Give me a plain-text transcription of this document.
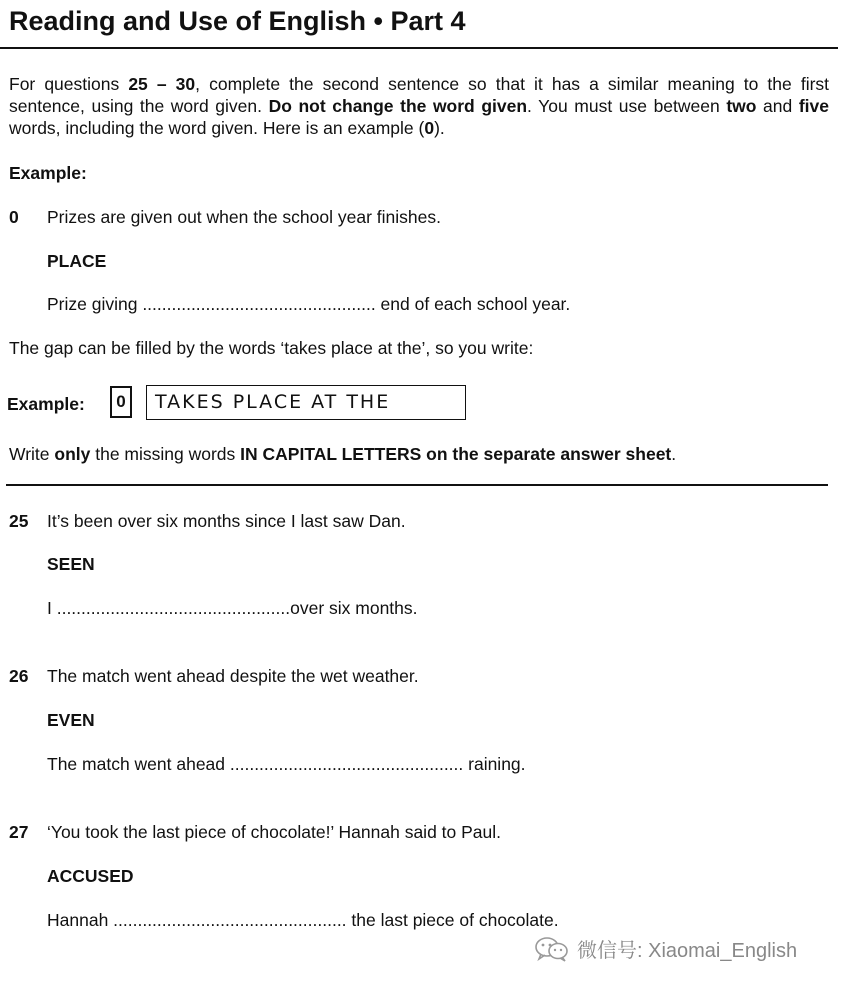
Reading and Use of English • Part 4
For questions 25 – 30, complete the second sentence so that it has a similar meaning to the first sentence, using the word given. Do not change the word given. You must use between two and five words, including the word given. Here is an example (0).
Example:
0 Prizes are given out when the school year finishes.
PLACE
Prize giving ................................................ end of each school year.
The gap can be filled by the words ‘takes place at the’, so you write:
Example:	0	TAKES PLACE AT THE
Write only the missing words IN CAPITAL LETTERS on the separate answer sheet.
25 It’s been over six months since I last saw Dan.
SEEN
I ................................................over six months.
26 The match went ahead despite the wet weather.
EVEN
The match went ahead ................................................ raining.
27 ‘You took the last piece of chocolate!’ Hannah said to Paul.
ACCUSED
Hannah ................................................ the last piece of chocolate.
微信号: Xiaomai_English
